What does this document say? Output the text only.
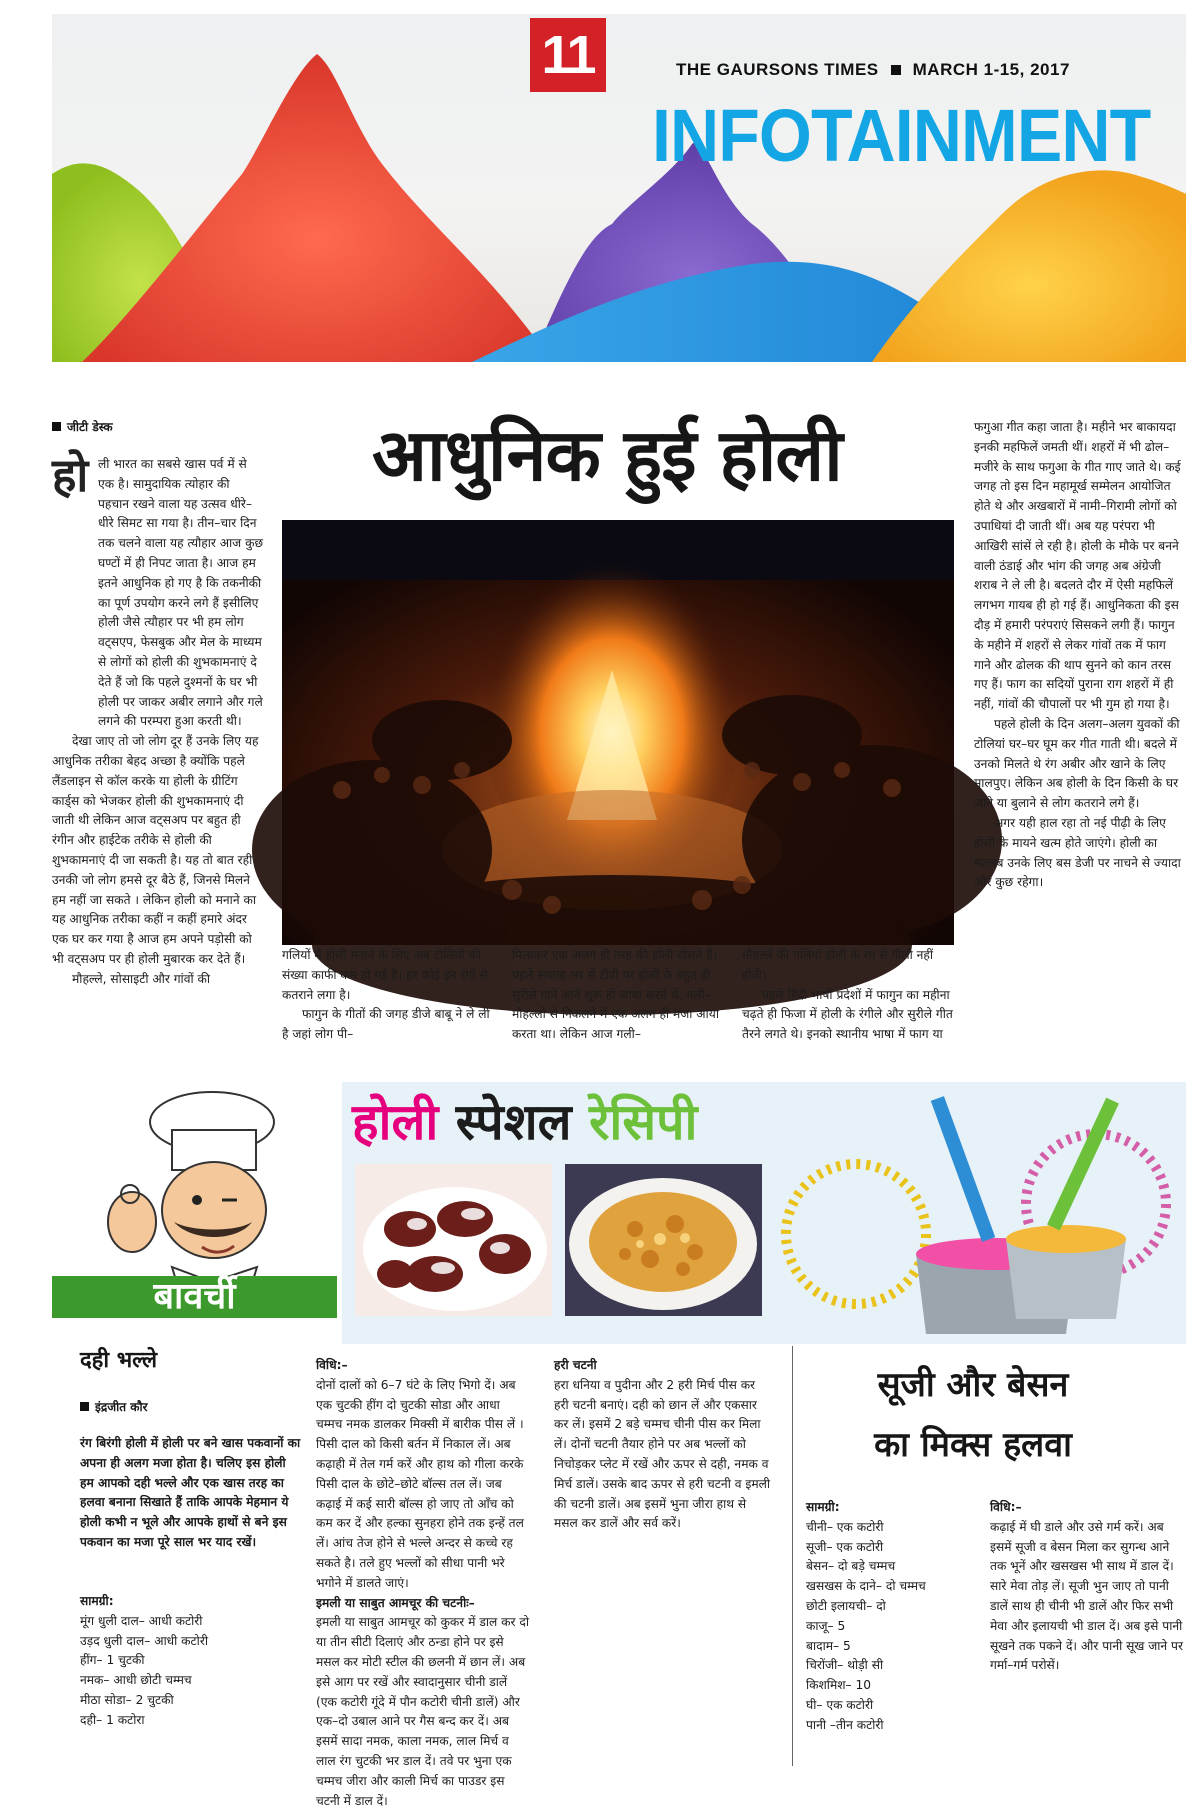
11	THE GAURSONS TIMES MARCH 1-15, 2017
INFOTAINMENT
जीटी डेस्क
हो	आधुनिक हुई होली

ली भारत का सबसे खास पर्व में से एक है। सामुदायिक त्योहार की पहचान रखने वाला यह उत्सव धीरे–धीरे सिमट सा गया है। तीन–चार दिन तक चलने वाला यह त्यौहार आज कुछ घण्टों में ही निपट जाता है। आज हम इतने आधुनिक हो गए है कि तकनीकी का पूर्ण उपयोग करने लगे हैं इसीलिए होली जैसे त्यौहार पर भी हम लोग वट्सएप, फेसबुक और मेल के माध्यम से लोगों को होली की शुभकामनाएं दे देते हैं जो कि पहले दुश्मनों के घर भी होली पर जाकर अबीर लगाने और गले लगने की परम्परा हुआ करती थी।

देखा जाए तो जो लोग दूर हैं उनके लिए यह आधुनिक तरीका बेहद अच्छा है क्योंकि पहले लैंडलाइन से कॉल करके या होली के ग्रीटिंग कार्ड्स को भेजकर होली की शुभकामनाएं दी जाती थी लेकिन आज वट्सअप पर बहुत ही रंगीन और हाईटेक तरीके से होली की शुभकामनाएं दी जा सकती है। यह तो बात रही उनकी जो लोग हमसे दूर बैठे हैं, जिनसे मिलने हम नहीं जा सकते । लेकिन होली को मनाने का यह आधुनिक तरीका कहीं न कहीं हमारे अंदर एक घर कर गया है आज हम अपने पड़ोसी को भी वट्सअप पर ही होली मुबारक कर देते हैं।

मौहल्ले, सोसाइटी और गांवों की

गलियों में होली मनाने के लिए अब टोलियों की संख्या काफी कम हो गई है। हर कोई इन रंगों से कतराने लगा है।

फागुन के गीतों की जगह डीजे बाबू ने ले ली है जहां लोग पी–

पिलाकर एक अलग ही तरह की होली खेलते हैं। पहले सप्ताह भर से टीवी पर होली के बहुत ही सुरीले गाने आने शुरू हो जाया करते थे, गली–मौहल्लों से निकलने में एक अलग ही मजा आया करता था। लेकिन आज गली–

मौहल्लें की गलियां होली के रंग से गीली नहीं होती।

पहले हिंदी भाषी प्रदेशों में फागुन का महीना चढ़ते ही फिजा में होली के रंगीले और सुरीले गीत तैरने लगते थे। इनको स्थानीय भाषा में फाग या

फगुआ गीत कहा जाता है। महीने भर बाकायदा इनकी महफिलें जमती थीं। शहरों में भी ढोल–मजीरे के साथ फगुआ के गीत गाए जाते थे। कई जगह तो इस दिन महामूर्ख सम्मेलन आयोजित होते थे और अखबारों में नामी–गिरामी लोगों को उपाधियां दी जाती थीं। अब यह परंपरा भी आखिरी सांसें ले रही है। होली के मौके पर बनने वाली ठंडाई और भांग की जगह अब अंग्रेजी शराब ने ले ली है। बदलते दौर में ऐसी महफिलें लगभग गायब ही हो गई हैं। आधुनिकता की इस दौड़ में हमारी परंपराएं सिसकने लगी हैं। फागुन के महीने में शहरों से लेकर गांवों तक में फाग गाने और ढोलक की थाप सुनने को कान तरस गए हैं। फाग का सदियों पुराना राग शहरों में ही नहीं, गांवों की चौपालों पर भी गुम हो गया है।

पहले होली के दिन अलग–अलग युवकों की टोलियां घर–घर घूम कर गीत गाती थी। बदले में उनको मिलते थे रंग अबीर और खाने के लिए मालपुए। लेकिन अब होली के दिन किसी के घर जाने या बुलाने से लोग कतराने लगे हैं।

अगर यही हाल रहा तो नई पीढ़ी के लिए होली के मायने खत्म होते जाएंगे। होली का मतलब उनके लिए बस डेजी पर नाचने से ज्यादा और कुछ रहेगा।

बावर्ची
होली स्पेशल रेसिपी
दही भल्ले
इंद्रजीत कौर
रंग बिरंगी होली में होली पर बने खास पकवानों का अपना ही अलग मजा होता है। चलिए इस होली हम आपको दही भल्ले और एक खास तरह का हलवा बनाना सिखाते हैं ताकि आपके मेहमान ये होली कभी न भूले और आपके हाथों से बने इस पकवान का मजा पूरे साल भर याद रखें।

सामग्री:

मूंग धुली दाल– आधी कटोरी

उड़द धुली दाल– आधी कटोरी

हींग– 1 चुटकी

नमक– आधी छोटी चम्मच

मीठा सोडा– 2 चुटकी

दही– 1 कटोरा

विधि:–

दोनों दालों को 6–7 घंटे के लिए भिगो दें। अब एक चुटकी हींग दो चुटकी सोडा और आधा चम्मच नमक डालकर मिक्सी में बारीक पीस लें । पिसी दाल को किसी बर्तन में निकाल लें। अब कढ़ाही में तेल गर्म करें और हाथ को गीला करके पिसी दाल के छोटे–छोटे बॉल्स तल लें। जब कढ़ाई में कई सारी बॉल्स हो जाए तो आँच को कम कर दें और हल्का सुनहरा होने तक इन्हें तल लें। आंच तेज होने से भल्ले अन्दर से कच्चे रह सकते है। तले हुए भल्लों को सीधा पानी भरे भगोने में डालते जाएं।

इमली या साबुत आमचूर की चटनीः–

इमली या साबुत आमचूर को कुकर में डाल कर दो या तीन सीटी दिलाएं और ठन्डा होने पर इसे मसल कर मोटी स्टील की छलनी में छान लें। अब इसे आग पर रखें और स्वादानुसार चीनी डालें (एक कटोरी गूंदे में पौन कटोरी चीनी डालें) और एक–दो उबाल आने पर गैस बन्द कर दें। अब इसमें सादा नमक, काला नमक, लाल मिर्च व लाल रंग चुटकी भर डाल दें। तवे पर भुना एक चम्मच जीरा और काली मिर्च का पाउडर इस चटनी में डाल दें।

हरी चटनी

हरा धनिया व पुदीना और 2 हरी मिर्च पीस कर हरी चटनी बनाएं। दही को छान लें और एकसार कर लें। इसमें 2 बड़े चम्मच चीनी पीस कर मिला लें। दोनों चटनी तैयार होने पर अब भल्लों को निचोड़कर प्लेट में रखें और ऊपर से दही, नमक व मिर्च डालें। उसके बाद ऊपर से हरी चटनी व इमली की चटनी डालें। अब इसमें भुना जीरा हाथ से मसल कर डालें और सर्व करें।

सूजी और बेसन
का मिक्स हलवा

सामग्री:

चीनी– एक कटोरी

सूजी– एक कटोरी

बेसन– दो बड़े चम्मच

खसखस के दाने– दो चम्मच

छोटी इलायची– दो

काजू– 5

बादाम– 5

चिरोंजी– थोड़ी सी

किशमिश– 10

घी– एक कटोरी

पानी –तीन कटोरी

विधि:–

कढ़ाई में घी डाले और उसे गर्म करें। अब इसमें सूजी व बेसन मिला कर सुगन्ध आने तक भूनें और खसखस भी साथ में डाल दें। सारे मेवा तोड़ लें। सूजी भुन जाए तो पानी डालें साथ ही चीनी भी डालें और फिर सभी मेवा और इलायची भी डाल दें। अब इसे पानी सूखने तक पकने दें। और पानी सूख जाने पर गर्मा–गर्म परोसें।
